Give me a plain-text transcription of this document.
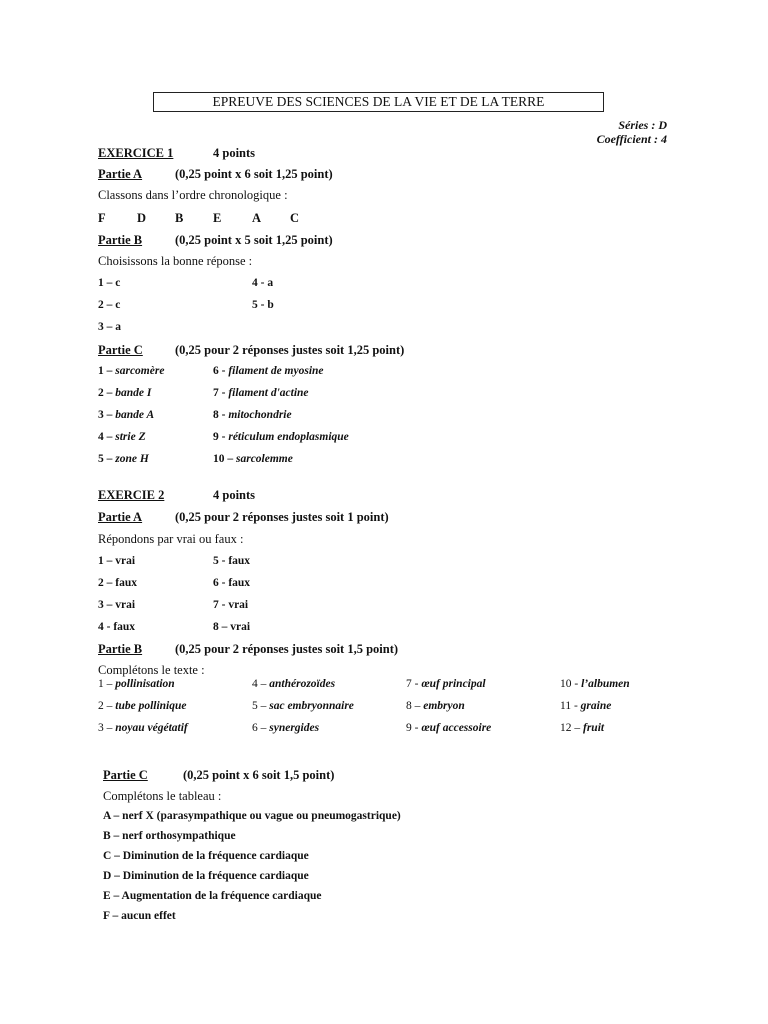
EPREUVE DES SCIENCES DE LA VIE ET DE LA TERRE
Séries : D
Coefficient : 4
EXERCICE 1	4 points
Partie A	(0,25 point x 6 soit 1,25 point)
Classons dans l’ordre chronologique :
F	D B E A C
Partie B	(0,25 point x 5 soit 1,25 point)
Choisissons la bonne réponse :
1 – c	4 - a
2 – c	5 - b
3 – a
Partie C	(0,25 pour 2 réponses justes soit 1,25 point)
1 – sarcomère	6 - filament de myosine
2 – bande I	7 - filament d'actine
3 – bande A	8 - mitochondrie
4 – strie Z	9 - réticulum endoplasmique
5 – zone H	10 – sarcolemme
EXERCIE 2	4 points
Partie A	(0,25 pour 2 réponses justes soit 1 point)
Répondons par vrai ou faux :
1 – vrai	5 - faux
2 – faux	6 - faux
3 – vrai	7 - vrai
4 - faux	8 – vrai
Partie B	(0,25 pour 2 réponses justes soit 1,5 point)
Complétons le texte :
1 – pollinisation	4 – anthérozoïdes	7 - œuf principal	10 - l’albumen
2 – tube pollinique	5 – sac embryonnaire	8 – embryon	11 - graine
3 – noyau végétatif	6 – synergides	9 - œuf accessoire	12 – fruit
Partie C	(0,25 point x 6 soit 1,5 point)
Complétons le tableau :
A – nerf X (parasympathique ou vague ou pneumogastrique)
B – nerf orthosympathique
C – Diminution de la fréquence cardiaque
D – Diminution de la fréquence cardiaque
E – Augmentation de la fréquence cardiaque
F – aucun effet
